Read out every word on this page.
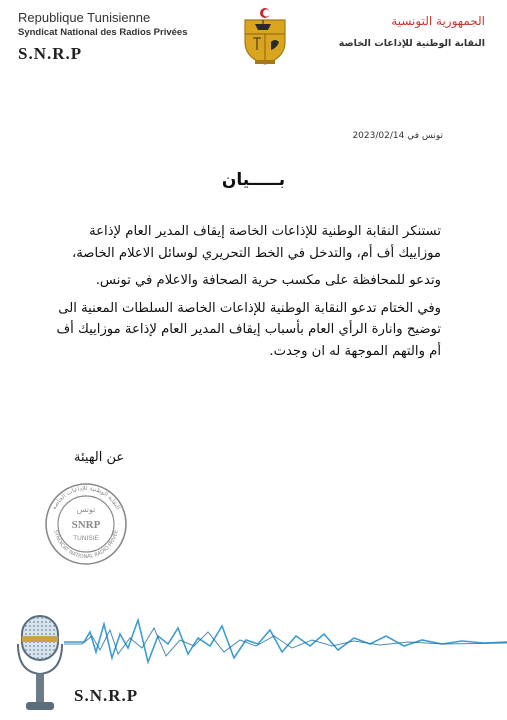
Republique Tunisienne
Syndicat National des Radios Privées
S.N.R.P
الجمهورية التونسية
النقابة الوطنية للإذاعات الخاصة
تونس في 2023/02/14
بـــــيان

تستنكر النقابة الوطنية للإذاعات الخاصة إيقاف المدير العام لإذاعة موزاييك أف أم، والتدخل في الخط التحريري لوسائل الاعلام الخاصة،

وتدعو للمحافظة على مكسب حرية الصحافة والاعلام في تونس.

وفي الختام تدعو النقابة الوطنية للإذاعات الخاصة السلطات المعنية الى توضيح وانارة الرأي العام بأسباب إيقاف المدير العام لإذاعة موزاييك أف أم والتهم الموجهة له ان وجدت.

عن الهيئة
النقابة الوطنية للإذاعات الخاصة
SYNDICAT NATIONAL RADIO PRIVÉE
تونس
SNRP
TUNISIE
S.N.R.P
